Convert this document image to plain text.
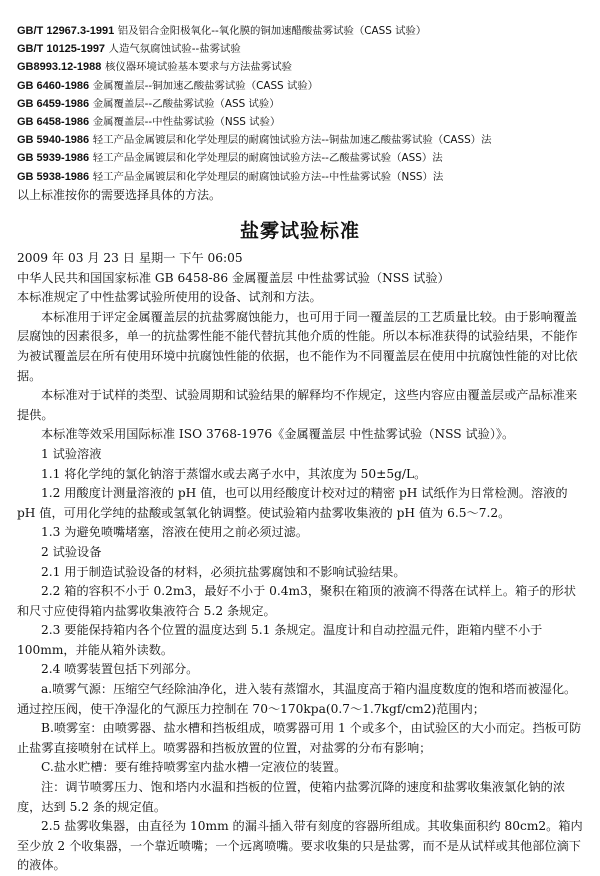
GB/T 12967.3-1991 铝及铝合金阳极氧化--氧化膜的铜加速醋酸盐雾试验（CASS 试验）
GB/T 10125-1997 人造气氛腐蚀试验--盐雾试验
GB8993.12-1988 核仪器环境试验基本要求与方法盐雾试验
GB 6460-1986 金属覆盖层--铜加速乙酸盐雾试验（CASS 试验）
GB 6459-1986 金属覆盖层--乙酸盐雾试验（ASS 试验）
GB 6458-1986 金属覆盖层--中性盐雾试验（NSS 试验）
GB 5940-1986 轻工产品金属镀层和化学处理层的耐腐蚀试验方法--铜盐加速乙酸盐雾试验（CASS）法
GB 5939-1986 轻工产品金属镀层和化学处理层的耐腐蚀试验方法--乙酸盐雾试验（ASS）法
GB 5938-1986 轻工产品金属镀层和化学处理层的耐腐蚀试验方法--中性盐雾试验（NSS）法
以上标准按你的需要选择具体的方法。
盐雾试验标准

2009 年 03 月 23 日 星期一 下午 06:05

中华人民共和国国家标准 GB 6458-86 金属覆盖层 中性盐雾试验（NSS 试验）

本标准规定了中性盐雾试验所使用的设备、试剂和方法。

本标准用于评定金属覆盖层的抗盐雾腐蚀能力，也可用于同一覆盖层的工艺质量比较。由于影响覆盖层腐蚀的因素很多，单一的抗盐雾性能不能代替抗其他介质的性能。所以本标准获得的试验结果，不能作为被试覆盖层在所有使用环境中抗腐蚀性能的依据，也不能作为不同覆盖层在使用中抗腐蚀性能的对比依据。

本标准对于试样的类型、试验周期和试验结果的解释均不作规定，这些内容应由覆盖层或产品标准来提供。

本标准等效采用国际标准 ISO 3768-1976《金属覆盖层 中性盐雾试验（NSS 试验）》。

1 试验溶液

1.1 将化学纯的氯化钠溶于蒸馏水或去离子水中，其浓度为 50±5g/L。

1.2 用酸度计测量溶液的 pH 值，也可以用经酸度计校对过的精密 pH 试纸作为日常检测。溶液的 pH 值，可用化学纯的盐酸或氢氧化钠调整。使试验箱内盐雾收集液的 pH 值为 6.5～7.2。

1.3 为避免喷嘴堵塞，溶液在使用之前必须过滤。

2 试验设备

2.1 用于制造试验设备的材料，必须抗盐雾腐蚀和不影响试验结果。

2.2 箱的容积不小于 0.2m3，最好不小于 0.4m3，聚积在箱顶的液滴不得落在试样上。箱子的形状和尺寸应使得箱内盐雾收集液符合 5.2 条规定。

2.3 要能保持箱内各个位置的温度达到 5.1 条规定。温度计和自动控温元件，距箱内壁不小于 100mm，并能从箱外读数。

2.4 喷雾装置包括下列部分。

a.喷雾气源：压缩空气经除油净化，进入装有蒸馏水，其温度高于箱内温度数度的饱和塔而被湿化。通过控压阀，使干净湿化的气源压力控制在 70～170kpa(0.7～1.7kgf/cm2)范围内；

B.喷雾室：由喷雾器、盐水槽和挡板组成，喷雾器可用 1 个或多个，由试验区的大小而定。挡板可防止盐雾直接喷射在试样上。喷雾器和挡板放置的位置，对盐雾的分布有影响；

C.盐水贮槽：要有维持喷雾室内盐水槽一定液位的装置。

注：调节喷雾压力、饱和塔内水温和挡板的位置，使箱内盐雾沉降的速度和盐雾收集液氯化钠的浓度，达到 5.2 条的规定值。

2.5 盐雾收集器，由直径为 10mm 的漏斗插入带有刻度的容器所组成。其收集面积约 80cm2。箱内至少放 2 个收集器，一个靠近喷嘴；一个远离喷嘴。要求收集的只是盐雾，而不是从试样或其他部位滴下的液体。
